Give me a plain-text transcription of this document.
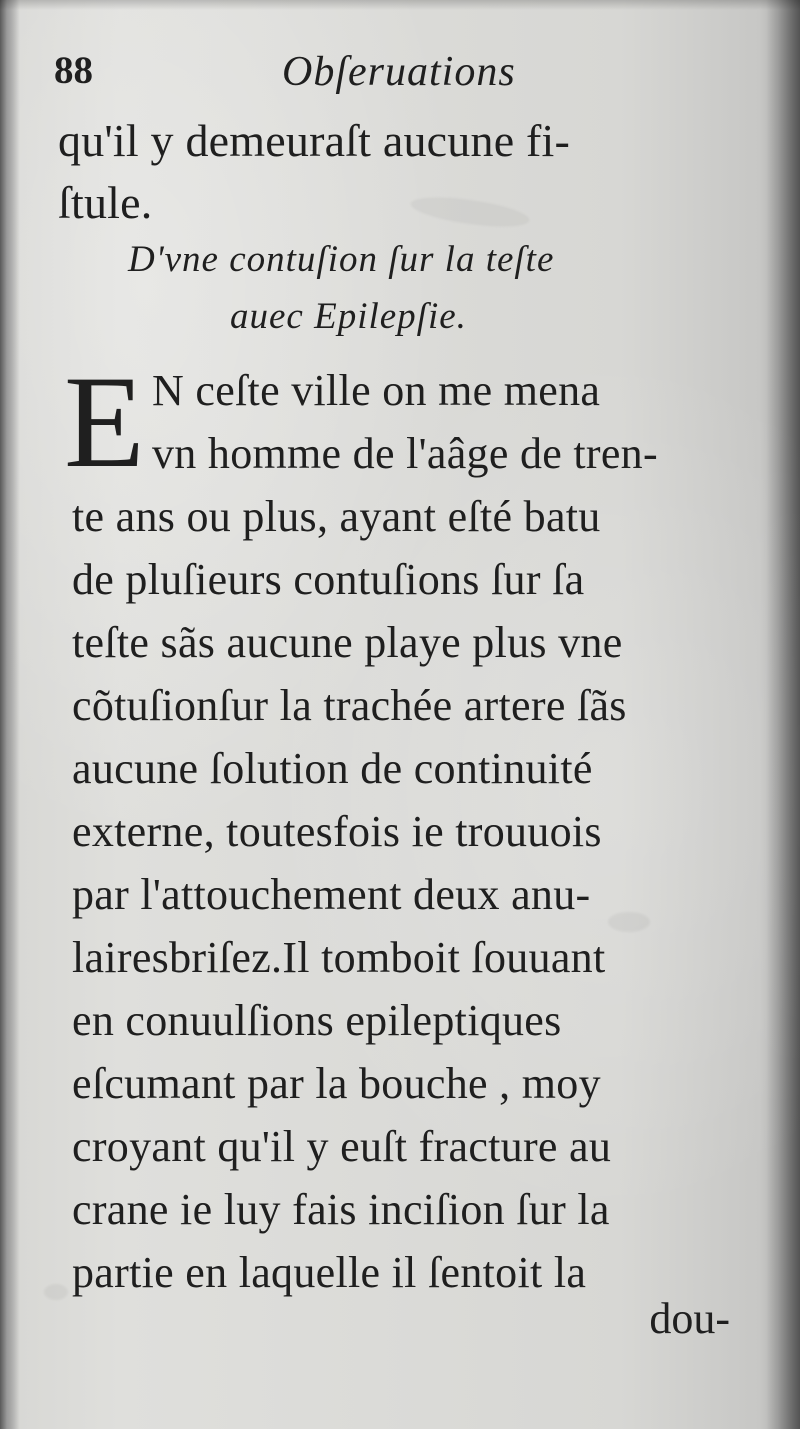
88	Obſeruations
qu'il y demeuraſt aucune fi-
ſtule.
D'vne contuſion ſur la teſte
auec Epilepſie.
E N ceſte ville on me mena
vn homme de l'aâge de tren-
te ans ou plus, ayant eſté batu
de pluſieurs contuſions ſur ſa
teſte sãs aucune playe plus vne
cõtuſionſur la trachée artere ſãs
aucune ſolution de continuité
externe, toutesfois ie trouuois
par l'attouchement deux anu-
lairesbriſez.Il tomboit ſouuant
en conuulſions epileptiques
eſcumant par la bouche , moy
croyant qu'il y euſt fracture au
crane ie luy fais inciſion ſur la
partie en laquelle il ſentoit la
dou-
